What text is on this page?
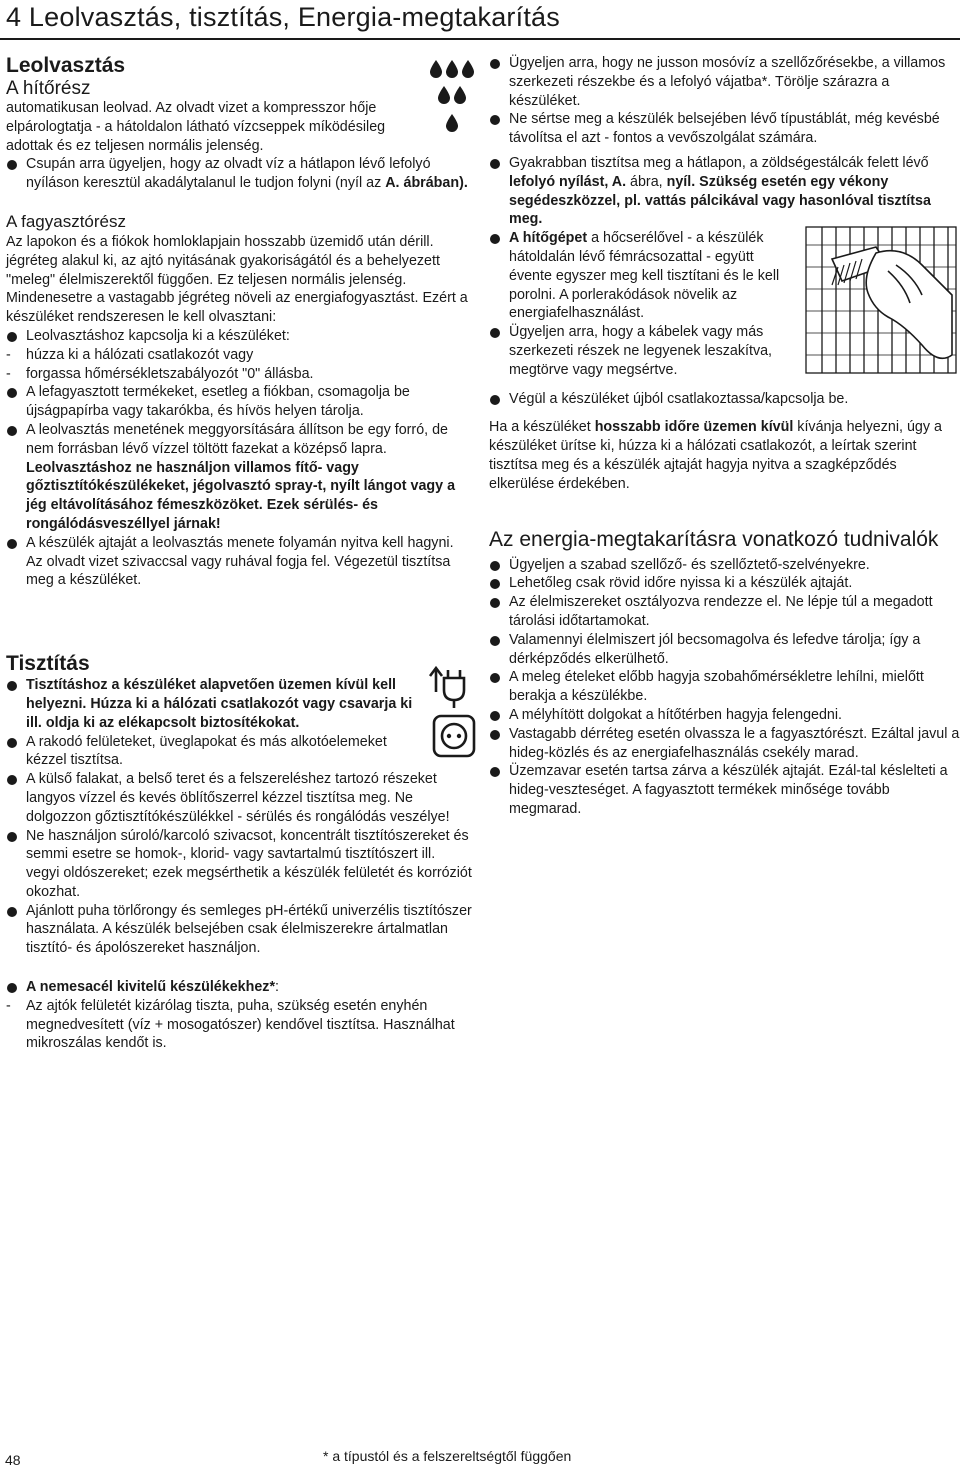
4 Leolvasztás, tisztítás, Energia-megtakarítás
Leolvasztás
A hítőrész
automatikusan leolvad. Az olvadt vizet a kompresszor hője elpárologtatja - a hátoldalon látható vízcseppek míködésileg adottak és ez teljesen normális jelenség.
Csupán arra ügyeljen, hogy az olvadt víz a hátlapon lévő lefolyó nyíláson keresztül akadálytalanul le tudjon folyni (nyíl az A. ábrában).
A fagyasztórész
Az lapokon és a fiókok homloklapjain hosszabb üzemidő után dérill. jégréteg alakul ki, az ajtó nyitásának gyakoriságától és a behelyezett "meleg" élelmiszerektől függően. Ez teljesen normális jelenség. Mindenesetre a vastagabb jégréteg növeli az energiafogyasztást. Ezért a készüléket rendszeresen le kell olvasztani:
Leolvasztáshoz kapcsolja ki a készüléket:
-
húzza ki a hálózati csatlakozót vagy
-
forgassa hőmérsékletszabályozót "0" állásba.
A lefagyasztott termékeket, esetleg a fiókban, csomagolja be újságpapírba vagy takarókba, és hívös helyen tárolja.
A leolvasztás menetének meggyorsítására állítson be egy forró, de nem forrásban lévő vízzel töltött fazekat a középső lapra.
Leolvasztáshoz ne használjon villamos fítő- vagy gőztisztítókészülékeket, jégolvasztó spray-t, nyílt lángot vagy a jég eltávolításához fémeszközöket. Ezek sérülés- és rongálódásveszéllyel járnak!
A készülék ajtaját a leolvasztás menete folyamán nyitva kell hagyni. Az olvadt vizet szivaccsal vagy ruhával fogja fel. Végezetül tisztítsa meg a készüléket.
Tisztítás
Tisztításhoz a készüléket alapvetően üzemen kívül kell helyezni. Húzza ki a hálózati csatlakozót vagy csavarja ki ill. oldja ki az elékapcsolt biztosítékokat.
A rakodó felületeket, üveglapokat és más alkotóelemeket kézzel tisztítsa.
A külső falakat, a belső teret és a felszereléshez tartozó részeket langyos vízzel és kevés öblítőszerrel kézzel tisztítsa meg. Ne dolgozzon gőztisztítókészülékkel - sérülés és rongálódás veszélye!
Ne használjon súroló/karcoló szivacsot, koncentrált tisztítószereket és semmi esetre se homok-, klorid- vagy savtartalmú tisztítószert ill. vegyi oldószereket; ezek megsérthetik a készülék felületét és korróziót okozhat.
Ajánlott puha törlőrongy és semleges pH-értékű univerzélis tisztítószer használata. A készülék belsejében csak élelmiszerekre ártalmatlan tisztító- és ápolószereket használjon.
A nemesacél kivitelű készülékekhez*:
-
Az ajtók felületét kizárólag tiszta, puha, szükség esetén enyhén megnedvesített (víz + mosogatószer) kendővel tisztítsa. Használhat mikroszálas kendőt is.
Ügyeljen arra, hogy ne jusson mosóvíz a szellőzőrésekbe, a villamos szerkezeti részekbe és a lefolyó vájatba*. Törölje szárazra a készüléket.
Ne sértse meg a készülék belsejében lévő típustáblát, még kevésbé távolítsa el azt - fontos a vevőszolgálat számára.
Gyakrabban tisztítsa meg a hátlapon, a zöldségestálcák felett lévő lefolyó nyílást, A. ábra, nyíl. Szükség esetén egy vékony segédeszközzel, pl. vattás pálcikával vagy hasonlóval tisztítsa meg.
A hítőgépet a hőcserélővel - a készülék hátoldalán lévő fémrácsozattal - együtt évente egyszer meg kell tisztítani és le kell porolni. A porlerakódások növelik az energiafelhasználást.
Ügyeljen arra, hogy a kábelek vagy más szerkezeti részek ne legyenek leszakítva, megtörve vagy megsértve.
Végül a készüléket újból csatlakoztassa/kapcsolja be.
Ha a készüléket hosszabb időre üzemen kívül kívánja helyezni, úgy a készüléket ürítse ki, húzza ki a hálózati csatlakozót, a leírtak szerint tisztítsa meg és a készülék ajtaját hagyja nyitva a szagképződés elkerülése érdekében.
Az energia-megtakarításra vonatkozó tudnivalók
Ügyeljen a szabad szellőző- és szellőztető-szelvényekre.
Lehetőleg csak rövid időre nyissa ki a készülék ajtaját.
Az élelmiszereket osztályozva rendezze el. Ne lépje túl a megadott tárolási időtartamokat.
Valamennyi élelmiszert jól becsomagolva és lefedve tárolja; így a dérképződés elkerülhető.
A meleg ételeket előbb hagyja szobahőmérsékletre lehílni, mielőtt berakja a készülékbe.
A mélyhítött dolgokat a hítőtérben hagyja felengedni.
Vastagabb dérréteg esetén olvassza le a fagyasztórészt. Ezáltal javul a hideg-közlés és az energiafelhasználás csekély marad.
Üzemzavar esetén tartsa zárva a készülék ajtaját. Ezál-tal késlelteti a hideg-veszteséget. A fagyasztott termékek minősége tovább megmarad.
48	* a típustól és a felszereltségtől függően
